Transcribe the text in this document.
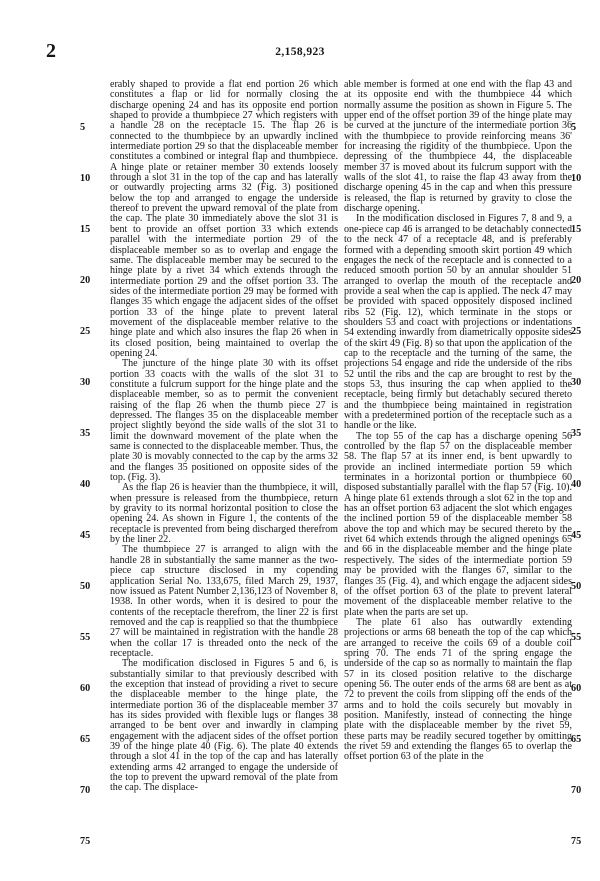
2	2,158,923

erably shaped to provide a flat end portion 26 which constitutes a flap or lid for normally closing the discharge opening 24 and has its opposite end portion shaped to provide a thumbpiece 27 which registers with a handle 28 on the receptacle 15. The flap 26 is connected to the thumbpiece by an upwardly inclined intermediate portion 29 so that the displaceable member constitutes a combined or integral flap and thumbpiece. A hinge plate or retainer member 30 extends loosely through a slot 31 in the top of the cap and has laterally or outwardly projecting arms 32 (Fig. 3) positioned below the top and arranged to engage the underside thereof to prevent the upward removal of the plate from the cap. The plate 30 immediately above the slot 31 is bent to provide an offset portion 33 which extends parallel with the intermediate portion 29 of the displaceable member so as to overlap and engage the same. The displaceable member may be secured to the hinge plate by a rivet 34 which extends through the intermediate portion 29 and the offset portion 33. The sides of the intermediate portion 29 may be formed with flanges 35 which engage the adjacent sides of the offset portion 33 of the hinge plate to prevent lateral movement of the displaceable member relative to the hinge plate and which also insures the flap 26 when in its closed position, being maintained to overlap the opening 24.

The juncture of the hinge plate 30 with its offset portion 33 coacts with the walls of the slot 31 to constitute a fulcrum support for the hinge plate and the displaceable member, so as to permit the convenient raising of the flap 26 when the thumb piece 27 is depressed. The flanges 35 on the displaceable member project slightly beyond the side walls of the slot 31 to limit the downward movement of the plate when the same is connected to the displaceable member. Thus, the plate 30 is movably connected to the cap by the arms 32 and the flanges 35 positioned on opposite sides of the top. (Fig. 3).

As the flap 26 is heavier than the thumbpiece, it will, when pressure is released from the thumbpiece, return by gravity to its normal horizontal position to close the opening 24. As shown in Figure 1, the contents of the receptacle is prevented from being discharged therefrom by the liner 22.

The thumbpiece 27 is arranged to align with the handle 28 in substantially the same manner as the two-piece cap structure disclosed in my copending application Serial No. 133,675, filed March 29, 1937, now issued as Patent Number 2,136,123 of November 8, 1938. In other words, when it is desired to pour the contents of the receptacle therefrom, the liner 22 is first removed and the cap is reapplied so that the thumbpiece 27 will be maintained in registration with the handle 28 when the collar 17 is threaded onto the neck of the receptacle.

The modification disclosed in Figures 5 and 6, is substantially similar to that previously described with the exception that instead of providing a rivet to secure the displaceable member to the hinge plate, the intermediate portion 36 of the displaceable member 37 has its sides provided with flexible lugs or flanges 38 arranged to be bent over and inwardly in clamping engagement with the adjacent sides of the offset portion 39 of the hinge plate 40 (Fig. 6). The plate 40 extends through a slot 41 in the top of the cap and has laterally extending arms 42 arranged to engage the underside of the top to prevent the upward removal of the plate from the cap. The displace-

able member is formed at one end with the flap 43 and at its opposite end with the thumbpiece 44 which normally assume the position as shown in Figure 5. The upper end of the offset portion 39 of the hinge plate may be curved at the juncture of the intermediate portion 36 with the thumbpiece to provide reinforcing means 36' for increasing the rigidity of the thumbpiece. Upon the depressing of the thumbpiece 44, the displaceable member 37 is moved about its fulcrum support with the walls of the slot 41, to raise the flap 43 away from the discharge opening 45 in the cap and when this pressure is released, the flap is returned by gravity to close the discharge opening.

In the modification disclosed in Figures 7, 8 and 9, a one-piece cap 46 is arranged to be detachably connected to the neck 47 of a receptacle 48, and is preferably formed with a depending smooth skirt portion 49 which engages the neck of the receptacle and is connected to a reduced smooth portion 50 by an annular shoulder 51 arranged to overlap the mouth of the receptacle and provide a seal when the cap is applied. The neck 47 may be provided with spaced oppositely disposed inclined ribs 52 (Fig. 12), which terminate in the stops or shoulders 53 and coact with projections or indentations 54 extending inwardly from diametrically opposite sides of the skirt 49 (Fig. 8) so that upon the application of the cap to the receptacle and the turning of the same, the projections 54 engage and ride the underside of the ribs 52 until the ribs and the cap are brought to rest by the stops 53, thus insuring the cap when applied to the receptacle, being firmly but detachably secured thereto and the thumbpiece being maintained in registration with a predetermined portion of the receptacle such as a handle or the like.

The top 55 of the cap has a discharge opening 56 controlled by the flap 57 on the displaceable member 58. The flap 57 at its inner end, is bent upwardly to provide an inclined intermediate portion 59 which terminates in a horizontal portion or thumbpiece 60 disposed substantially parallel with the flap 57 (Fig. 10). A hinge plate 61 extends through a slot 62 in the top and has an offset portion 63 adjacent the slot which engages the inclined portion 59 of the displaceable member 58 above the top and which may be secured thereto by the rivet 64 which extends through the aligned openings 65 and 66 in the displaceable member and the hinge plate respectively. The sides of the intermediate portion 59 may be provided with the flanges 67, similar to the flanges 35 (Fig. 4), and which engage the adjacent sides of the offset portion 63 of the plate to prevent lateral movement of the displaceable member relative to the plate when the parts are set up.

The plate 61 also has outwardly extending projections or arms 68 beneath the top of the cap which are arranged to receive the coils 69 of a double coil spring 70. The ends 71 of the spring engage the underside of the cap so as normally to maintain the flap 57 in its closed position relative to the discharge opening 56. The outer ends of the arms 68 are bent as at 72 to prevent the coils from slipping off the ends of the arms and to hold the coils securely but movably in position. Manifestly, instead of connecting the hinge plate with the displaceable member by the rivet 59, these parts may be readily secured together by omitting the rivet 59 and extending the flanges 65 to overlap the offset portion 63 of the plate in the

5
10
15
20
25
30
35
40
45
50
55
60
65
70
75
5
10
15
20
25
30
35
40
45
50
55
60
65
70
75
